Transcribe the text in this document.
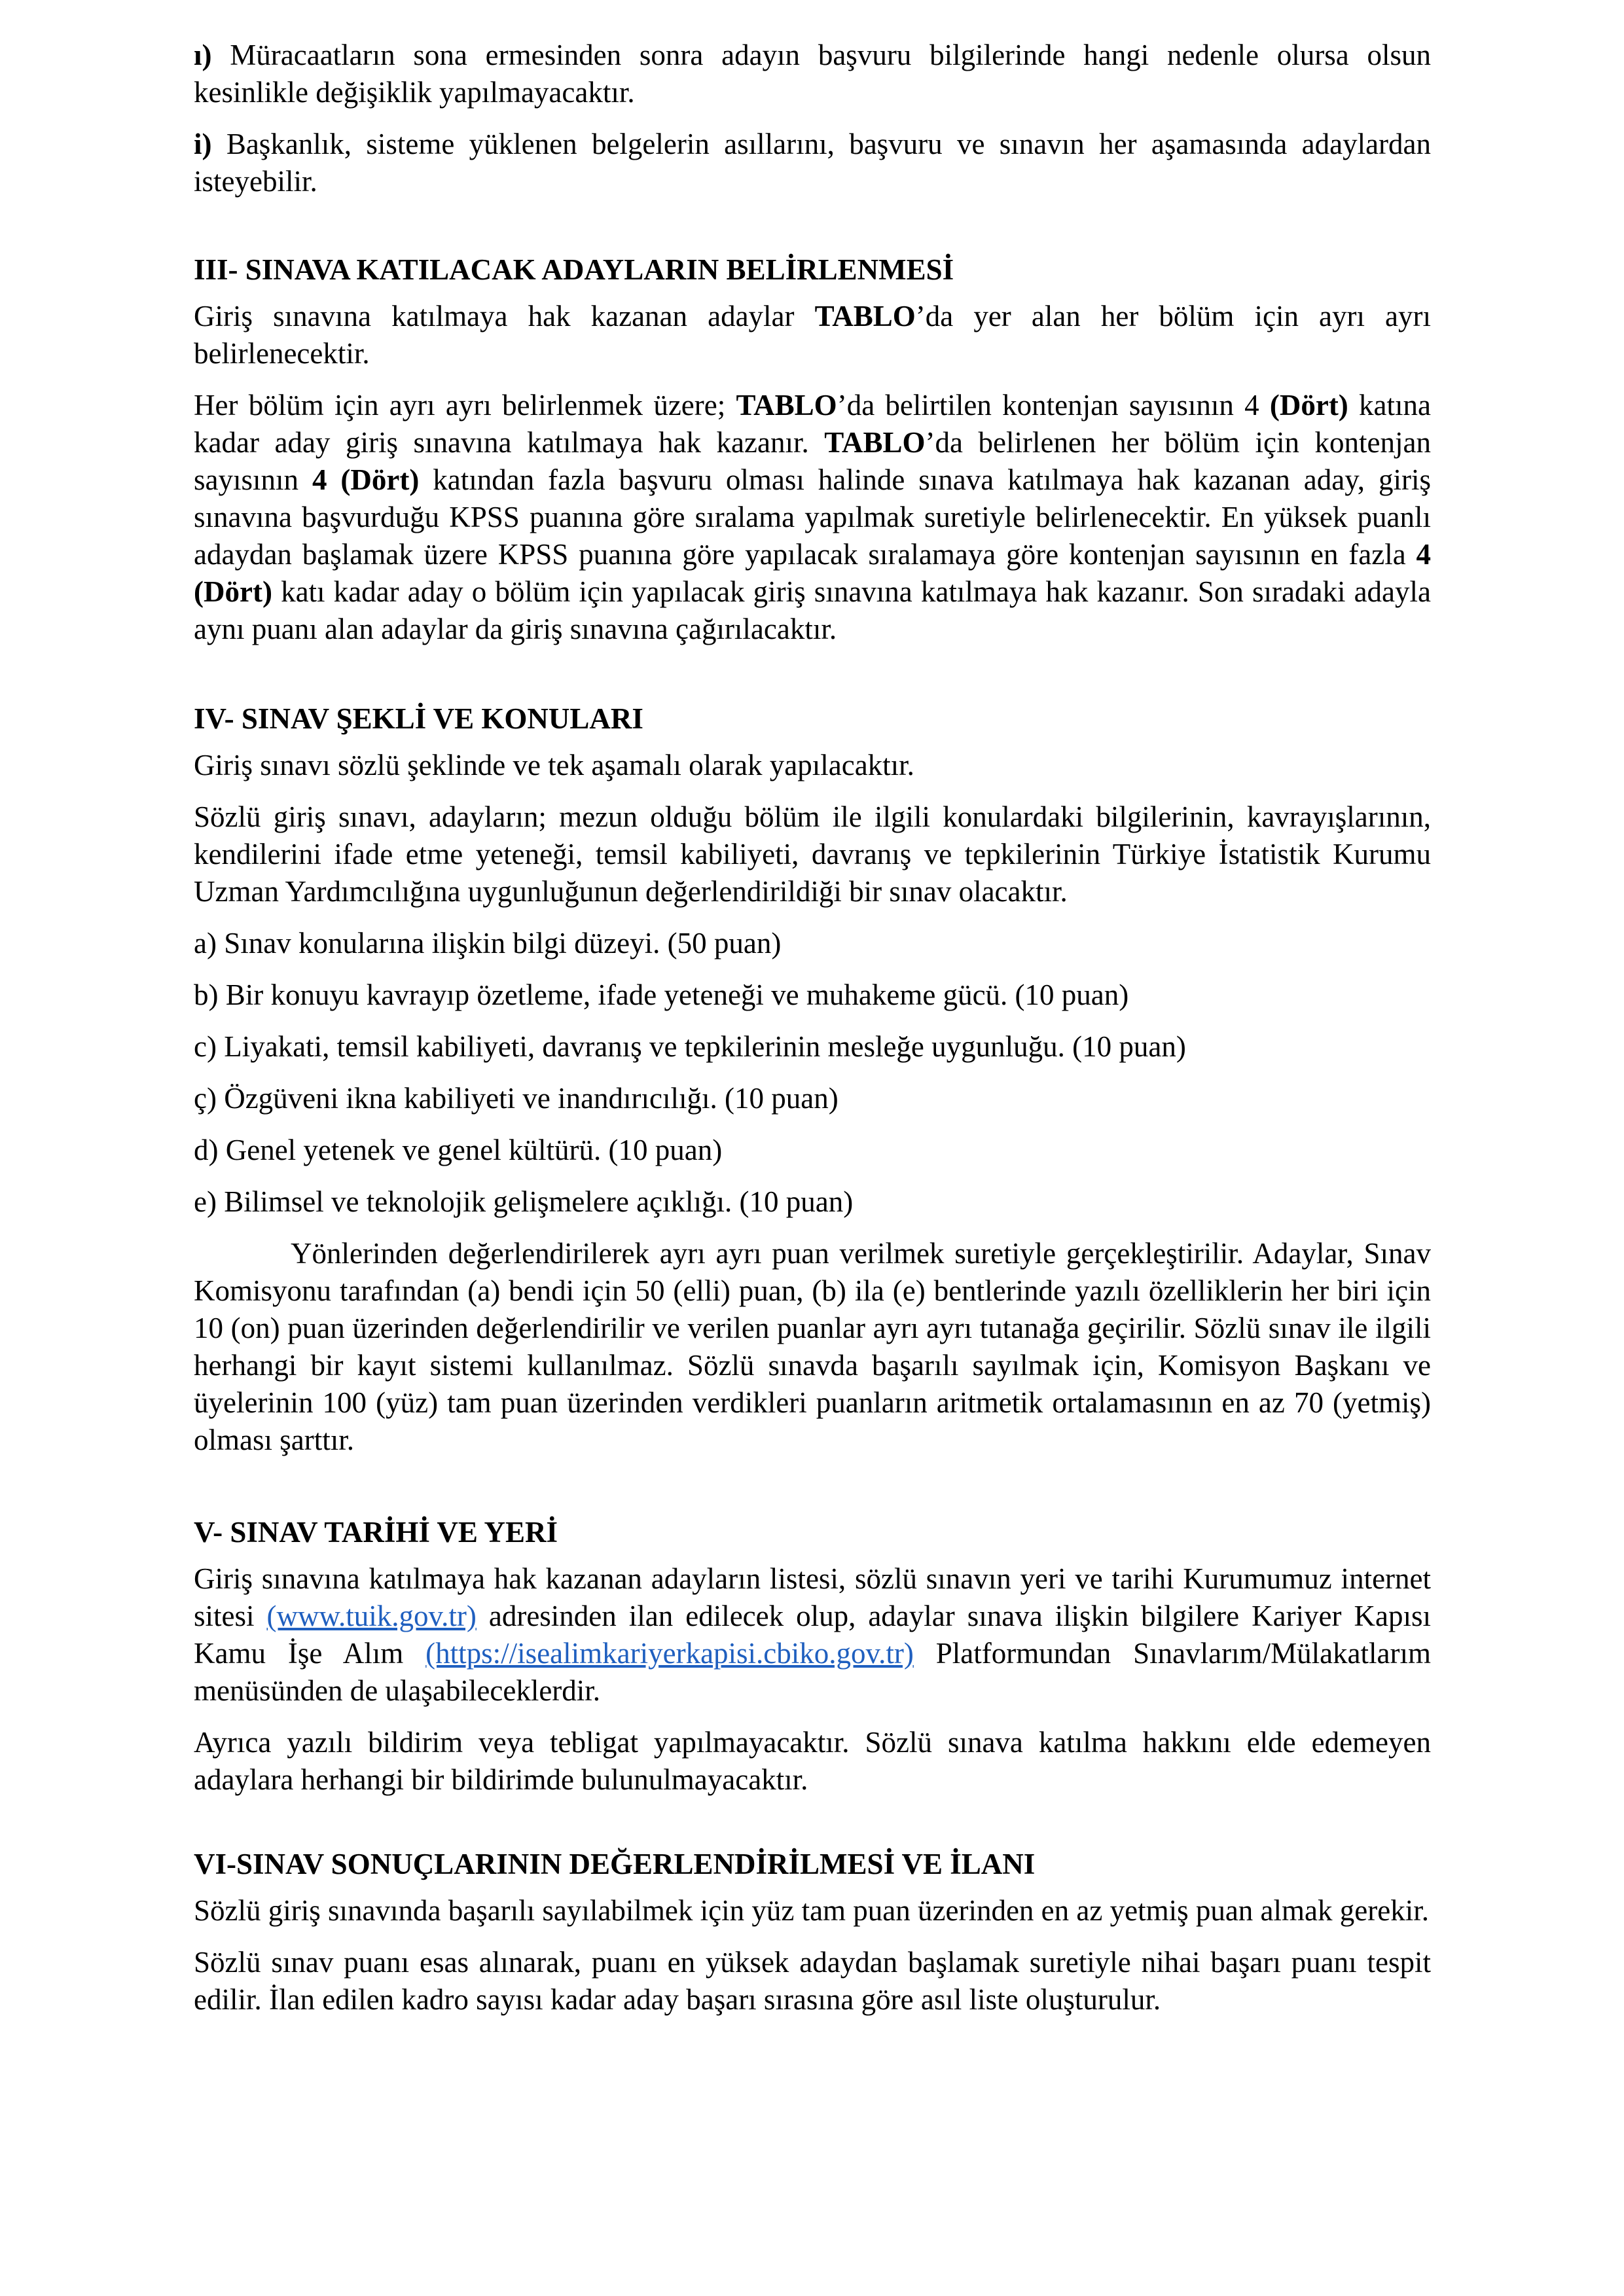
ı) Müracaatların sona ermesinden sonra adayın başvuru bilgilerinde hangi nedenle olursa olsun kesinlikle değişiklik yapılmayacaktır.

i) Başkanlık, sisteme yüklenen belgelerin asıllarını, başvuru ve sınavın her aşamasında adaylardan isteyebilir.

III- SINAVA KATILACAK ADAYLARIN BELİRLENMESİ

Giriş sınavına katılmaya hak kazanan adaylar TABLO’da yer alan her bölüm için ayrı ayrı belirlenecektir.

Her bölüm için ayrı ayrı belirlenmek üzere; TABLO’da belirtilen kontenjan sayısının 4 (Dört) katına kadar aday giriş sınavına katılmaya hak kazanır. TABLO’da belirlenen her bölüm için kontenjan sayısının 4 (Dört) katından fazla başvuru olması halinde sınava katılmaya hak kazanan aday, giriş sınavına başvurduğu KPSS puanına göre sıralama yapılmak suretiyle belirlenecektir. En yüksek puanlı adaydan başlamak üzere KPSS puanına göre yapılacak sıralamaya göre kontenjan sayısının en fazla 4 (Dört) katı kadar aday o bölüm için yapılacak giriş sınavına katılmaya hak kazanır. Son sıradaki adayla aynı puanı alan adaylar da giriş sınavına çağırılacaktır.

IV- SINAV ŞEKLİ VE KONULARI

Giriş sınavı sözlü şeklinde ve tek aşamalı olarak yapılacaktır.

Sözlü giriş sınavı, adayların; mezun olduğu bölüm ile ilgili konulardaki bilgilerinin, kavrayışlarının, kendilerini ifade etme yeteneği, temsil kabiliyeti, davranış ve tepkilerinin Türkiye İstatistik Kurumu Uzman Yardımcılığına uygunluğunun değerlendirildiği bir sınav olacaktır.

a) Sınav konularına ilişkin bilgi düzeyi. (50 puan)

b) Bir konuyu kavrayıp özetleme, ifade yeteneği ve muhakeme gücü. (10 puan)

c) Liyakati, temsil kabiliyeti, davranış ve tepkilerinin mesleğe uygunluğu. (10 puan)

ç) Özgüveni ikna kabiliyeti ve inandırıcılığı. (10 puan)

d) Genel yetenek ve genel kültürü. (10 puan)

e) Bilimsel ve teknolojik gelişmelere açıklığı. (10 puan)

Yönlerinden değerlendirilerek ayrı ayrı puan verilmek suretiyle gerçekleştirilir. Adaylar, Sınav Komisyonu tarafından (a) bendi için 50 (elli) puan, (b) ila (e) bentlerinde yazılı özelliklerin her biri için 10 (on) puan üzerinden değerlendirilir ve verilen puanlar ayrı ayrı tutanağa geçirilir. Sözlü sınav ile ilgili herhangi bir kayıt sistemi kullanılmaz. Sözlü sınavda başarılı sayılmak için, Komisyon Başkanı ve üyelerinin 100 (yüz) tam puan üzerinden verdikleri puanların aritmetik ortalamasının en az 70 (yetmiş) olması şarttır.

V- SINAV TARİHİ VE YERİ

Giriş sınavına katılmaya hak kazanan adayların listesi, sözlü sınavın yeri ve tarihi Kurumumuz internet sitesi (www.tuik.gov.tr) adresinden ilan edilecek olup, adaylar sınava ilişkin bilgilere Kariyer Kapısı Kamu İşe Alım (https://isealimkariyerkapisi.cbiko.gov.tr) Platformundan Sınavlarım/Mülakatlarım menüsünden de ulaşabileceklerdir.

Ayrıca yazılı bildirim veya tebligat yapılmayacaktır. Sözlü sınava katılma hakkını elde edemeyen adaylara herhangi bir bildirimde bulunulmayacaktır.

VI-SINAV SONUÇLARININ DEĞERLENDİRİLMESİ VE İLANI

Sözlü giriş sınavında başarılı sayılabilmek için yüz tam puan üzerinden en az yetmiş puan almak gerekir.

Sözlü sınav puanı esas alınarak, puanı en yüksek adaydan başlamak suretiyle nihai başarı puanı tespit edilir. İlan edilen kadro sayısı kadar aday başarı sırasına göre asıl liste oluşturulur.
